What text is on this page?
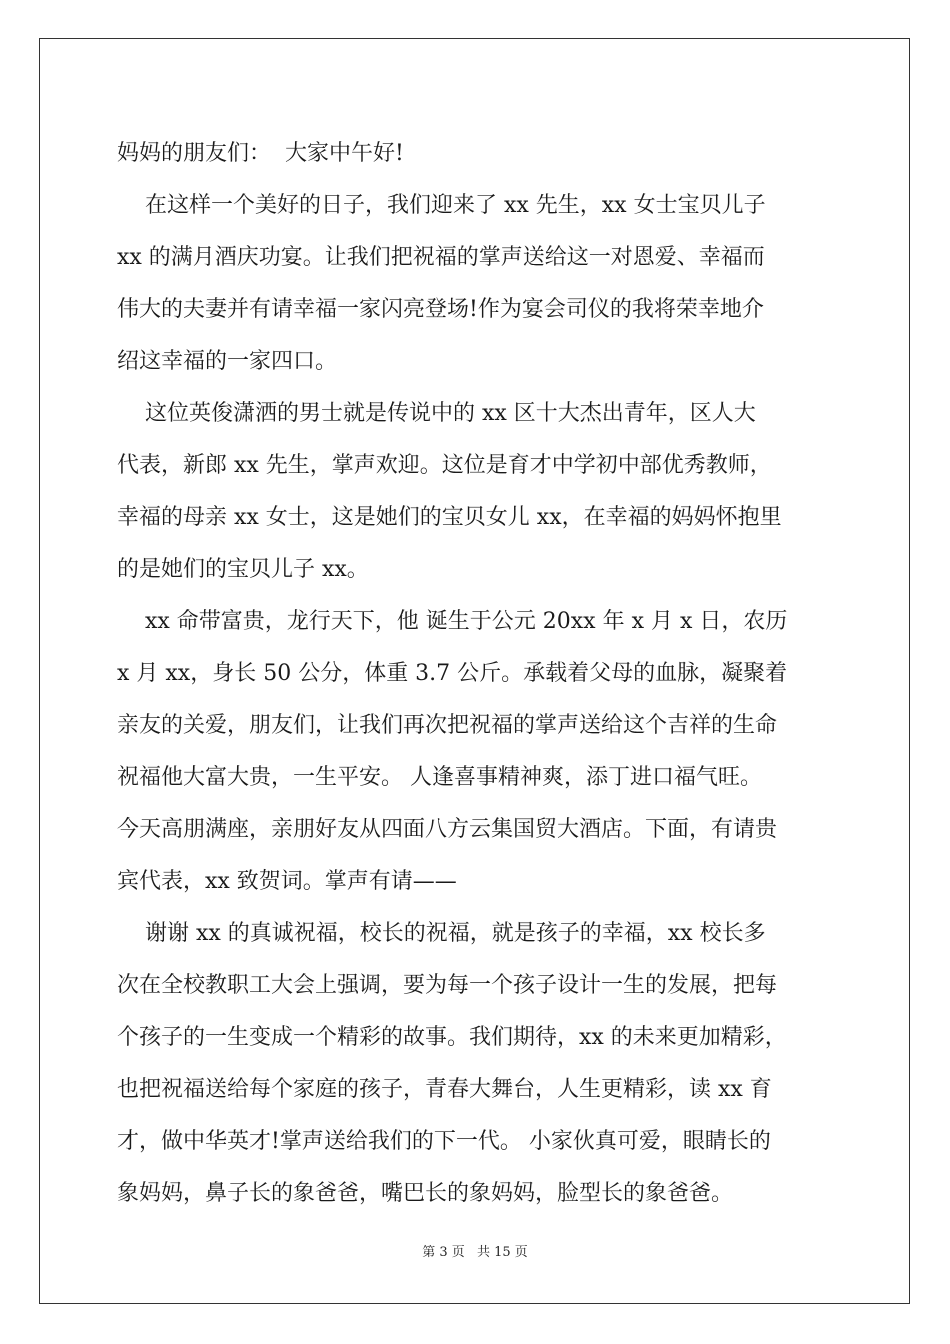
妈妈的朋友们：  大家中午好!
在这样一个美好的日子，我们迎来了 xx 先生，xx 女士宝贝儿子
xx 的满月酒庆功宴。让我们把祝福的掌声送给这一对恩爱、幸福而
伟大的夫妻并有请幸福一家闪亮登场!作为宴会司仪的我将荣幸地介
绍这幸福的一家四口。
这位英俊潇洒的男士就是传说中的 xx 区十大杰出青年，区人大
代表，新郎 xx 先生，掌声欢迎。这位是育才中学初中部优秀教师，
幸福的母亲 xx 女士，这是她们的宝贝女儿 xx，在幸福的妈妈怀抱里
的是她们的宝贝儿子 xx。
xx 命带富贵，龙行天下，他 诞生于公元 20xx 年 x 月 x 日，农历
x 月 xx，身长 50 公分，体重 3.7 公斤。承载着父母的血脉，凝聚着
亲友的关爱，朋友们，让我们再次把祝福的掌声送给这个吉祥的生命
祝福他大富大贵，一生平安。 人逢喜事精神爽，添丁进口福气旺。
今天高朋满座，亲朋好友从四面八方云集国贸大酒店。下面，有请贵
宾代表，xx 致贺词。掌声有请——
谢谢 xx 的真诚祝福，校长的祝福，就是孩子的幸福，xx 校长多
次在全校教职工大会上强调，要为每一个孩子设计一生的发展，把每
个孩子的一生变成一个精彩的故事。我们期待，xx 的未来更加精彩，
也把祝福送给每个家庭的孩子，青春大舞台，人生更精彩，读 xx 育
才，做中华英才!掌声送给我们的下一代。 小家伙真可爱，眼睛长的
象妈妈，鼻子长的象爸爸，嘴巴长的象妈妈，脸型长的象爸爸。
第 3 页 共 15 页
